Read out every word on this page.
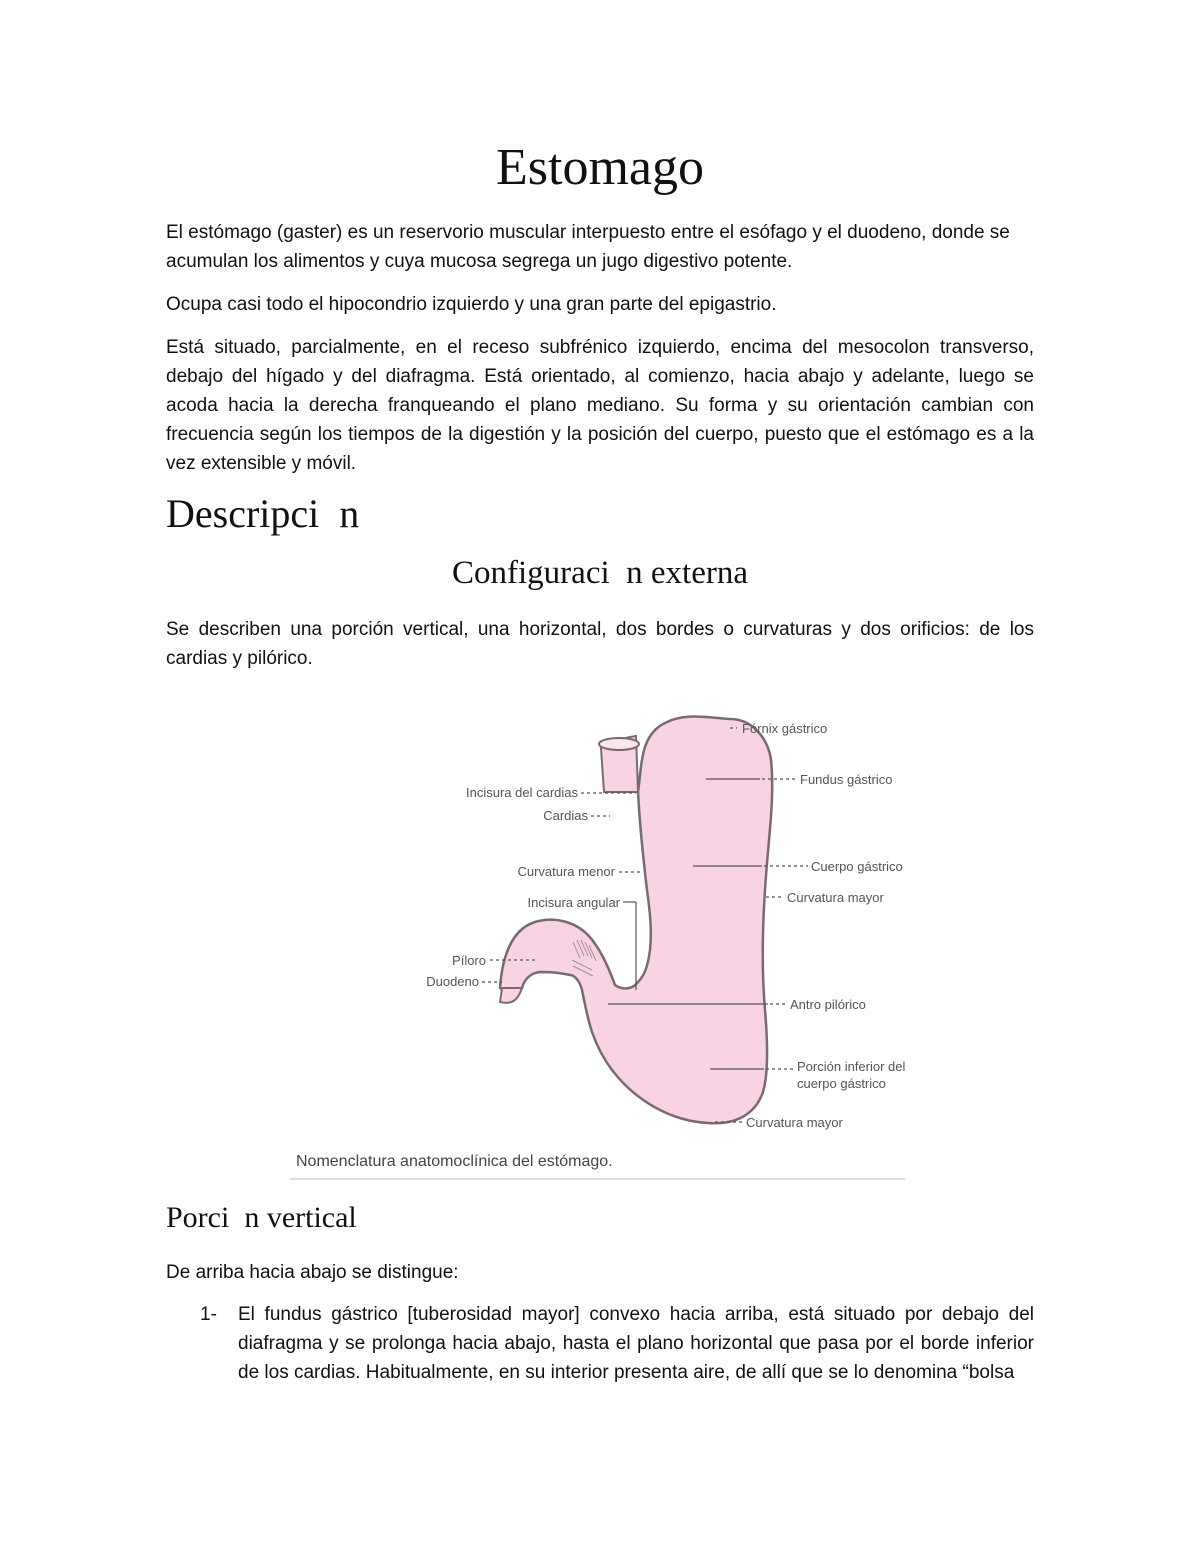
Estomago

El estómago (gaster) es un reservorio muscular interpuesto entre el esófago y el duodeno, donde se acumulan los alimentos y cuya mucosa segrega un jugo digestivo potente.

Ocupa casi todo el hipocondrio izquierdo y una gran parte del epigastrio.

Está situado, parcialmente, en el receso subfrénico izquierdo, encima del mesocolon transverso, debajo del hígado y del diafragma. Está orientado, al comienzo, hacia abajo y adelante, luego se acoda hacia la derecha franqueando el plano mediano. Su forma y su orientación cambian con frecuencia según los tiempos de la digestión y la posición del cuerpo, puesto que el estómago es a la vez extensible y móvil.

Descripci  n
Configuraci  n externa

Se describen una porción vertical, una horizontal, dos bordes o curvaturas y dos orificios: de los cardias y pilórico.

Fórnix gástrico
Fundus gástrico
Cuerpo gástrico
Curvatura mayor
Antro pilórico
Porción inferior del
cuerpo gástrico
Curvatura mayor
Incisura del cardias
Cardias
Curvatura menor
Incisura angular
Píloro
Duodeno
Nomenclatura anatomoclínica del estómago.
Porci  n vertical

De arriba hacia abajo se distingue:

1- El fundus gástrico [tuberosidad mayor] convexo hacia arriba, está situado por debajo del diafragma y se prolonga hacia abajo, hasta el plano horizontal que pasa por el borde inferior de los cardias. Habitualmente, en su interior presenta aire, de allí que se lo denomina “bolsa
